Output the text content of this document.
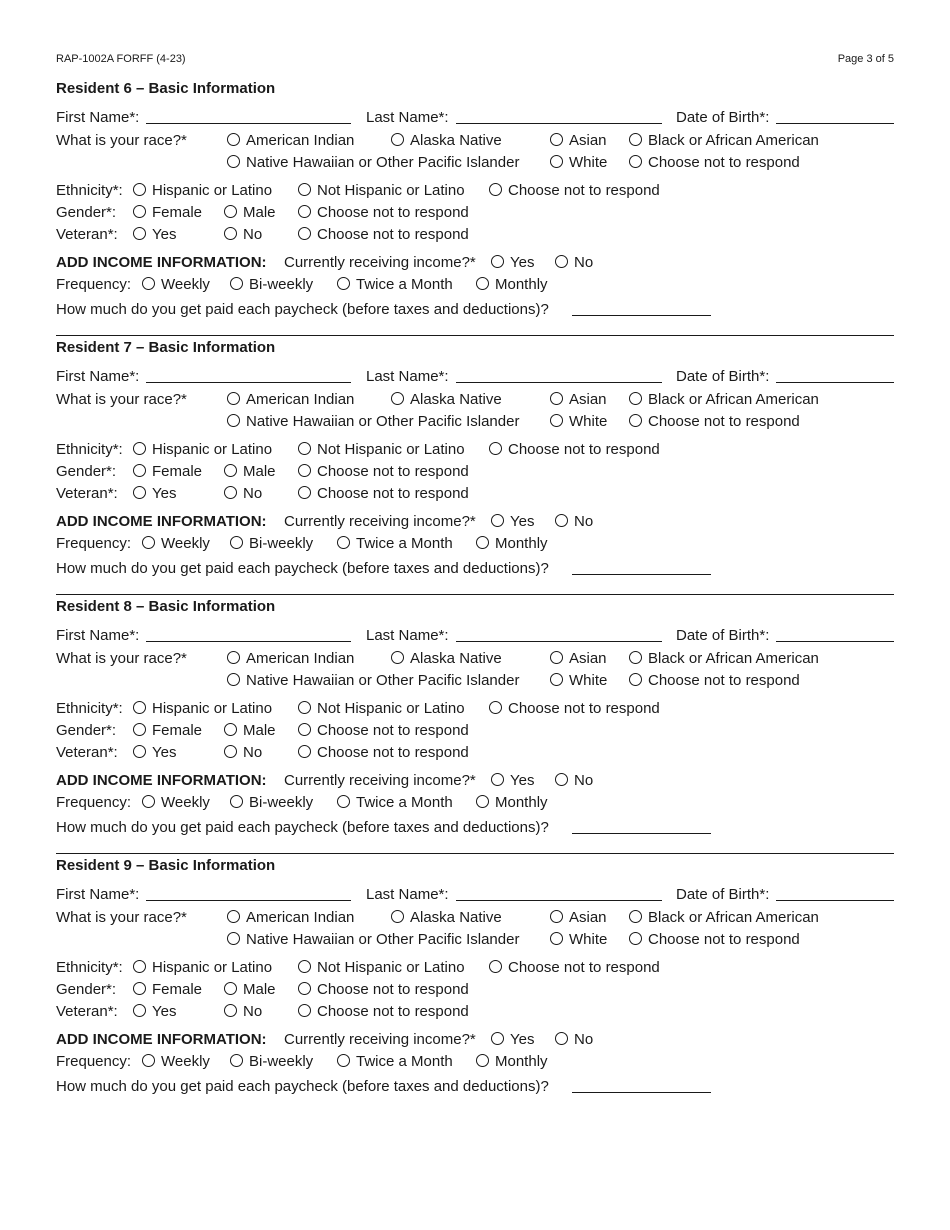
RAP-1002A FORFF (4-23)	Page 3 of 5
Resident 6 – Basic Information
First Name*:	Last Name*:	Date of Birth*:
What is your race?*	American Indian	Alaska Native	Asian	Black or African American
Native Hawaiian or Other Pacific Islander	White	Choose not to respond
Ethnicity*:	Hispanic or Latino	Not Hispanic or Latino	Choose not to respond
Gender*:	Female	Male	Choose not to respond
Veteran*:	Yes	No	Choose not to respond
ADD INCOME INFORMATION: Currently receiving income?*	Yes	No
Frequency:	Weekly	Bi-weekly	Twice a Month	Monthly
How much do you get paid each paycheck (before taxes and deductions)?
Resident 7 – Basic Information
First Name*:	Last Name*:	Date of Birth*:
What is your race?*	American Indian	Alaska Native	Asian	Black or African American
Native Hawaiian or Other Pacific Islander	White	Choose not to respond
Ethnicity*:	Hispanic or Latino	Not Hispanic or Latino	Choose not to respond
Gender*:	Female	Male	Choose not to respond
Veteran*:	Yes	No	Choose not to respond
ADD INCOME INFORMATION: Currently receiving income?*	Yes	No
Frequency:	Weekly	Bi-weekly	Twice a Month	Monthly
How much do you get paid each paycheck (before taxes and deductions)?
Resident 8 – Basic Information
First Name*:	Last Name*:	Date of Birth*:
What is your race?*	American Indian	Alaska Native	Asian	Black or African American
Native Hawaiian or Other Pacific Islander	White	Choose not to respond
Ethnicity*:	Hispanic or Latino	Not Hispanic or Latino	Choose not to respond
Gender*:	Female	Male	Choose not to respond
Veteran*:	Yes	No	Choose not to respond
ADD INCOME INFORMATION: Currently receiving income?*	Yes	No
Frequency:	Weekly	Bi-weekly	Twice a Month	Monthly
How much do you get paid each paycheck (before taxes and deductions)?
Resident 9 – Basic Information
First Name*:	Last Name*:	Date of Birth*:
What is your race?*	American Indian	Alaska Native	Asian	Black or African American
Native Hawaiian or Other Pacific Islander	White	Choose not to respond
Ethnicity*:	Hispanic or Latino	Not Hispanic or Latino	Choose not to respond
Gender*:	Female	Male	Choose not to respond
Veteran*:	Yes	No	Choose not to respond
ADD INCOME INFORMATION: Currently receiving income?*	Yes	No
Frequency:	Weekly	Bi-weekly	Twice a Month	Monthly
How much do you get paid each paycheck (before taxes and deductions)?
